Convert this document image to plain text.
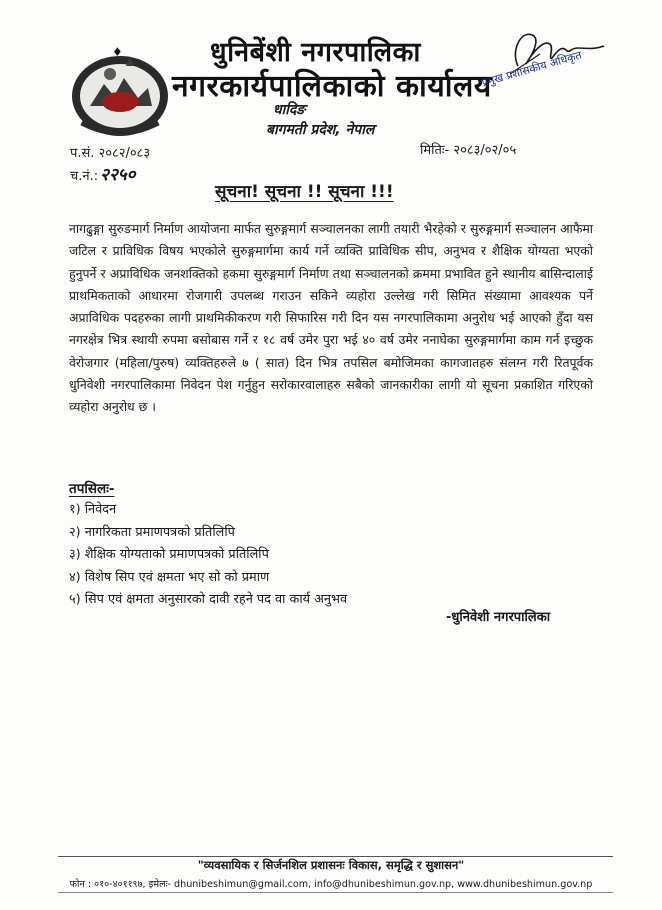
♦	धुनिबेंशी नगरपालिका
नगरकार्यपालिकाको कार्यालय
धादिङ
बागमती प्रदेश, नेपाल
प्रमुख प्रशासकीय अधिकृत
प.सं. २०८२/०८३
च.नं.: २२५०
मितिः- २०८३/०२/०५
सूचना! सूचना !! सूचना !!!
नागढुङ्गा सुरुङमार्ग निर्माण आयोजना मार्फत सुरुङ्गमार्ग सञ्चालनका लागी तयारी भैरहेको र सुरुङ्गमार्ग सञ्चालन आफैमा जटिल र प्राविधिक विषय भएकोले सुरुङ्गमार्गमा कार्य गर्ने व्यक्ति प्राविधिक सीप, अनुभव र शैक्षिक योग्यता भएको हुनुपर्ने र अप्राविधिक जनशक्तिको हकमा सुरुङ्गमार्ग निर्माण तथा सञ्चालनको क्रममा प्रभावित हुने स्थानीय बासिन्दालाई प्राथमिकताको आधारमा रोजगारी उपलब्ध गराउन सकिने व्यहोरा उल्लेख गरी सिमित संख्यामा आवश्यक पर्ने अप्राविधिक पदहरुका लागी प्राथमिकीकरण गरी सिफारिस गरी दिन यस नगरपालिकामा अनुरोध भई आएको हुँदा यस नगरक्षेत्र भित्र स्थायी रुपमा बसोबास गर्ने र १८ वर्ष उमेर पुरा भई ४० वर्ष उमेर ननाघेका सुरुङ्गमार्गमा काम गर्न इच्छुक वेरोजगार (महिला/पुरुष) व्यक्तिहरुले ७ ( सात) दिन भित्र तपसिल बमोजिमका कागजातहरु संलग्न गरी रितपूर्वक धुनिवेशी नगरपालिकामा निवेदन पेश गर्नुहुन सरोकारवालाहरु सबैको जानकारीका लागी यो सूचना प्रकाशित गरिएको व्यहोरा अनुरोध छ ।
तपसिलः-
१) निवेदन
२) नागरिकता प्रमाणपत्रको प्रतिलिपि
३) शैक्षिक योग्यताको प्रमाणपत्रको प्रतिलिपि
४) विशेष सिप एवं क्षमता भए सो को प्रमाण
५) सिप एवं क्षमता अनुसारको दावी रहने पद वा कार्य अनुभव
-धुनिवेशी नगरपालिका
"व्यवसायिक र सिर्जनशिल प्रशासनः विकास, समृद्धि र सुशासन"
फोन : ०१०-४०११९७, इमेलः- dhunibeshimun@gmail.com, info@dhunibeshimun.gov.np, www.dhunibeshimun.gov.np
